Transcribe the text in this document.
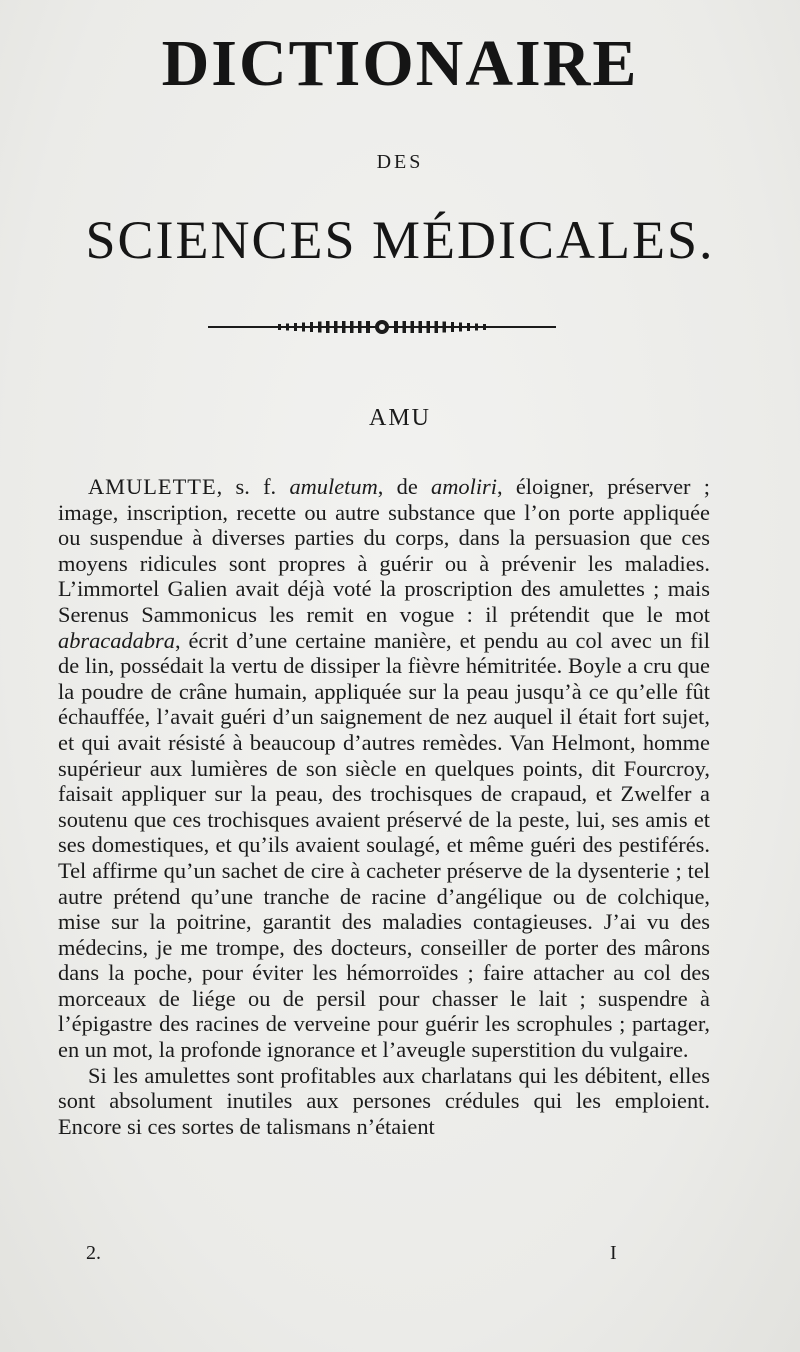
DICTIONAIRE
DES
SCIENCES MÉDICALES.
AMU

AMULETTE, s. f. amuletum, de amoliri, éloigner, préserver ; image, inscription, recette ou autre substance que l’on porte appliquée ou suspendue à diverses parties du corps, dans la persuasion que ces moyens ridicules sont propres à guérir ou à prévenir les maladies. L’immortel Galien avait déjà voté la proscription des amulettes ; mais Serenus Sammonicus les remit en vogue : il prétendit que le mot abracadabra, écrit d’une certaine manière, et pendu au col avec un fil de lin, possédait la vertu de dissiper la fièvre hémitritée. Boyle a cru que la poudre de crâne humain, appliquée sur la peau jusqu’à ce qu’elle fût échauffée, l’avait guéri d’un saignement de nez auquel il était fort sujet, et qui avait résisté à beaucoup d’autres remèdes. Van Helmont, homme supérieur aux lumières de son siècle en quelques points, dit Fourcroy, faisait appliquer sur la peau, des trochisques de crapaud, et Zwelfer a soutenu que ces trochisques avaient préservé de la peste, lui, ses amis et ses domestiques, et qu’ils avaient soulagé, et même guéri des pestiférés. Tel affirme qu’un sachet de cire à cacheter préserve de la dysenterie ; tel autre prétend qu’une tranche de racine d’angélique ou de colchique, mise sur la poitrine, garantit des maladies contagieuses. J’ai vu des médecins, je me trompe, des docteurs, conseiller de porter des mârons dans la poche, pour éviter les hémorroïdes ; faire attacher au col des morceaux de liége ou de persil pour chasser le lait ; suspendre à l’épigastre des racines de verveine pour guérir les scrophules ; partager, en un mot, la profonde ignorance et l’aveugle superstition du vulgaire.

Si les amulettes sont profitables aux charlatans qui les débitent, elles sont absolument inutiles aux persones crédules qui les emploient. Encore si ces sortes de talismans n’étaient

2.	I
